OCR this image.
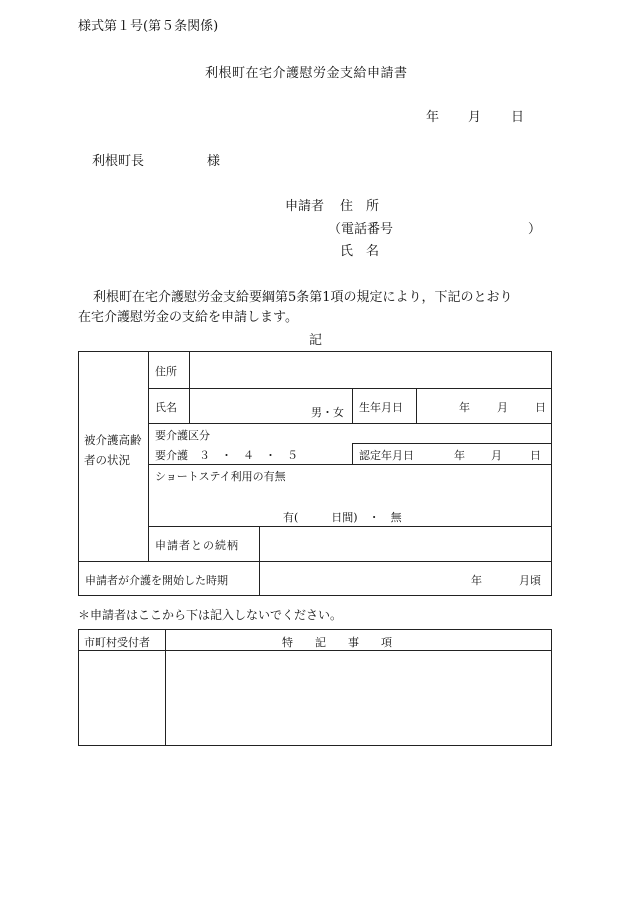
様式第１号(第５条関係)
利根町在宅介護慰労金支給申請書
年 月 日
利根町長	様
申請者 住　所
（電話番号	）
氏　名
利根町在宅介護慰労金支給要綱第5条第1項の規定により，下記のとおり
在宅介護慰労金の支給を申請します。
記
被介護高齢者の状況
住所
氏名	男・女 生年月日	年 月 日
要介護区分
要介護　３　・　４　・　５	認定年月日	年 月	日
ショートステイ利用の有無
有(　　　日間)　・　無
申請者との続柄
申請者が介護を開始した時期	年	月頃
＊申請者はここから下は記入しないでください。
市町村受付者	特　　記　　事　　項
